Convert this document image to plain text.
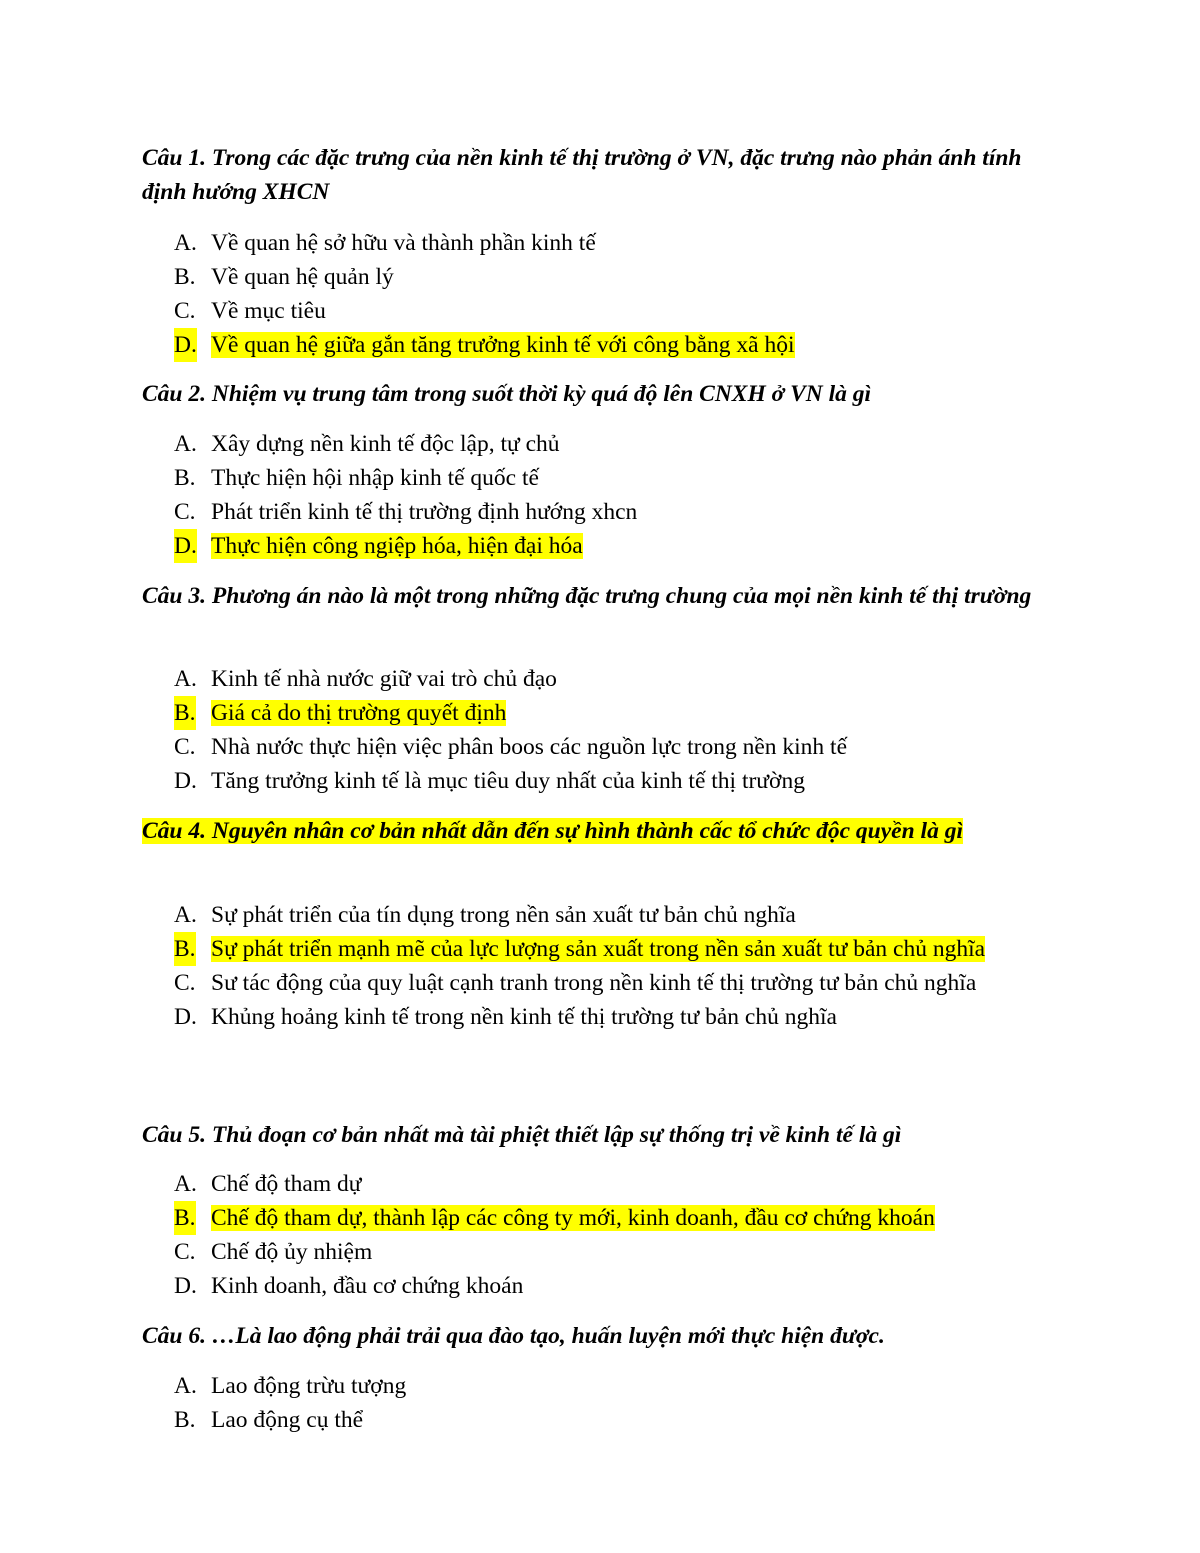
Câu 1. Trong các đặc trưng của nền kinh tế thị trường ở VN, đặc trưng nào phản ánh tính định hướng XHCN
A. Về quan hệ sở hữu và thành phần kinh tế
B. Về quan hệ quản lý
C. Về mục tiêu
D. Về quan hệ giữa gắn tăng trưởng kinh tế với công bằng xã hội
Câu 2. Nhiệm vụ trung tâm trong suốt thời kỳ quá độ lên CNXH ở VN là gì
A. Xây dựng nền kinh tế độc lập, tự chủ
B. Thực hiện hội nhập kinh tế quốc tế
C. Phát triển kinh tế thị trường định hướng xhcn
D. Thực hiện công ngiệp hóa, hiện đại hóa
Câu 3. Phương án nào là một trong những đặc trưng chung của mọi nền kinh tế thị trường
A. Kinh tế nhà nước giữ vai trò chủ đạo
B. Giá cả do thị trường quyết định
C. Nhà nước thực hiện việc phân boos các nguồn lực trong nền kinh tế
D. Tăng trưởng kinh tế là mục tiêu duy nhất của kinh tế thị trường
Câu 4. Nguyên nhân cơ bản nhất dẫn đến sự hình thành cấc tổ chức độc quyền là gì
A. Sự phát triển của tín dụng trong nền sản xuất tư bản chủ nghĩa
B. Sự phát triển mạnh mẽ của lực lượng sản xuất trong nền sản xuất tư bản chủ nghĩa
C. Sư tác động của quy luật cạnh tranh trong nền kinh tế thị trường tư bản chủ nghĩa
D. Khủng hoảng kinh tế trong nền kinh tế thị trường tư bản chủ nghĩa
Câu 5. Thủ đoạn cơ bản nhất mà tài phiệt thiết lập sự thống trị về kinh tế là gì
A. Chế độ tham dự
B. Chế độ tham dự, thành lập các công ty mới, kinh doanh, đầu cơ chứng khoán
C. Chế độ ủy nhiệm
D. Kinh doanh, đầu cơ chứng khoán
Câu 6. …Là lao động phải trải qua đào tạo, huấn luyện mới thực hiện được.
A. Lao động trừu tượng
B. Lao động cụ thể
